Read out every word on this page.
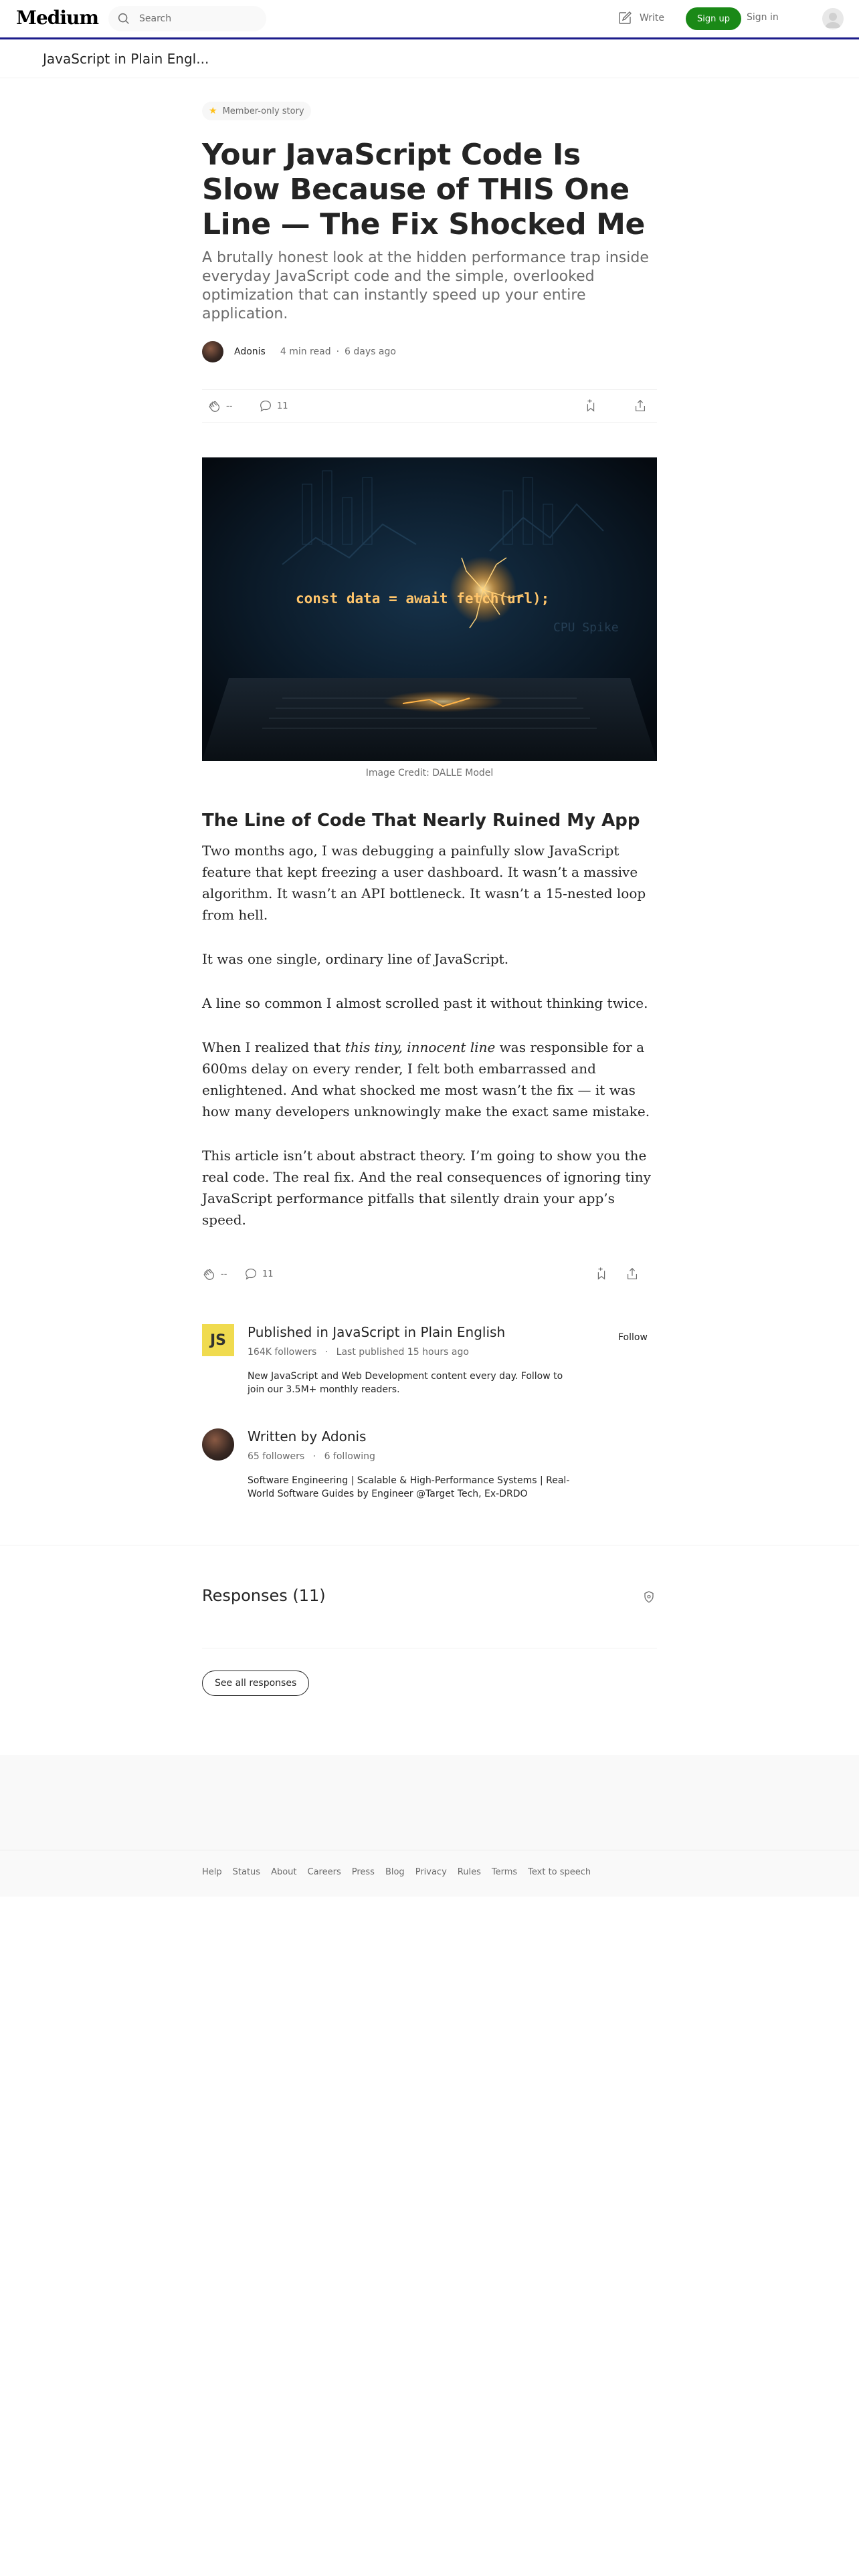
Medium
Search	Write	Sign up	Sign in
JavaScript in Plain Engl...
★ Member-only story
Your JavaScript Code Is Slow Because of THIS One Line — The Fix Shocked Me

A brutally honest look at the hidden performance trap inside everyday JavaScript code and the simple, overlooked optimization that can instantly speed up your entire application.

Adonis 4 min read · 6 days ago
--	11
CPU Spike
const data = await fetch(url);
Image Credit: DALLE Model
The Line of Code That Nearly Ruined My App

Two months ago, I was debugging a painfully slow JavaScript feature that kept freezing a user dashboard. It wasn’t a massive algorithm. It wasn’t an API bottleneck. It wasn’t a 15-nested loop from hell.

It was one single, ordinary line of JavaScript.

A line so common I almost scrolled past it without thinking twice.

When I realized that this tiny, innocent line was responsible for a 600ms delay on every render, I felt both embarrassed and enlightened. And what shocked me most wasn’t the fix — it was how many developers unknowingly make the exact same mistake.

This article isn’t about abstract theory. I’m going to show you the real code. The real fix. And the real consequences of ignoring tiny JavaScript performance pitfalls that silently drain your app’s speed.

--	11
JS	Published in JavaScript in Plain English
164K followers · Last published 15 hours ago
New JavaScript and Web Development content every day. Follow to join our 3.5M+ monthly readers.
Follow
Written by Adonis
65 followers · 6 following
Software Engineering | Scalable & High-Performance Systems | Real-World Software Guides by Engineer @Target Tech, Ex-DRDO
Responses (11)
See all responses
Help Status About Careers Press Blog Privacy Rules Terms Text to speech
